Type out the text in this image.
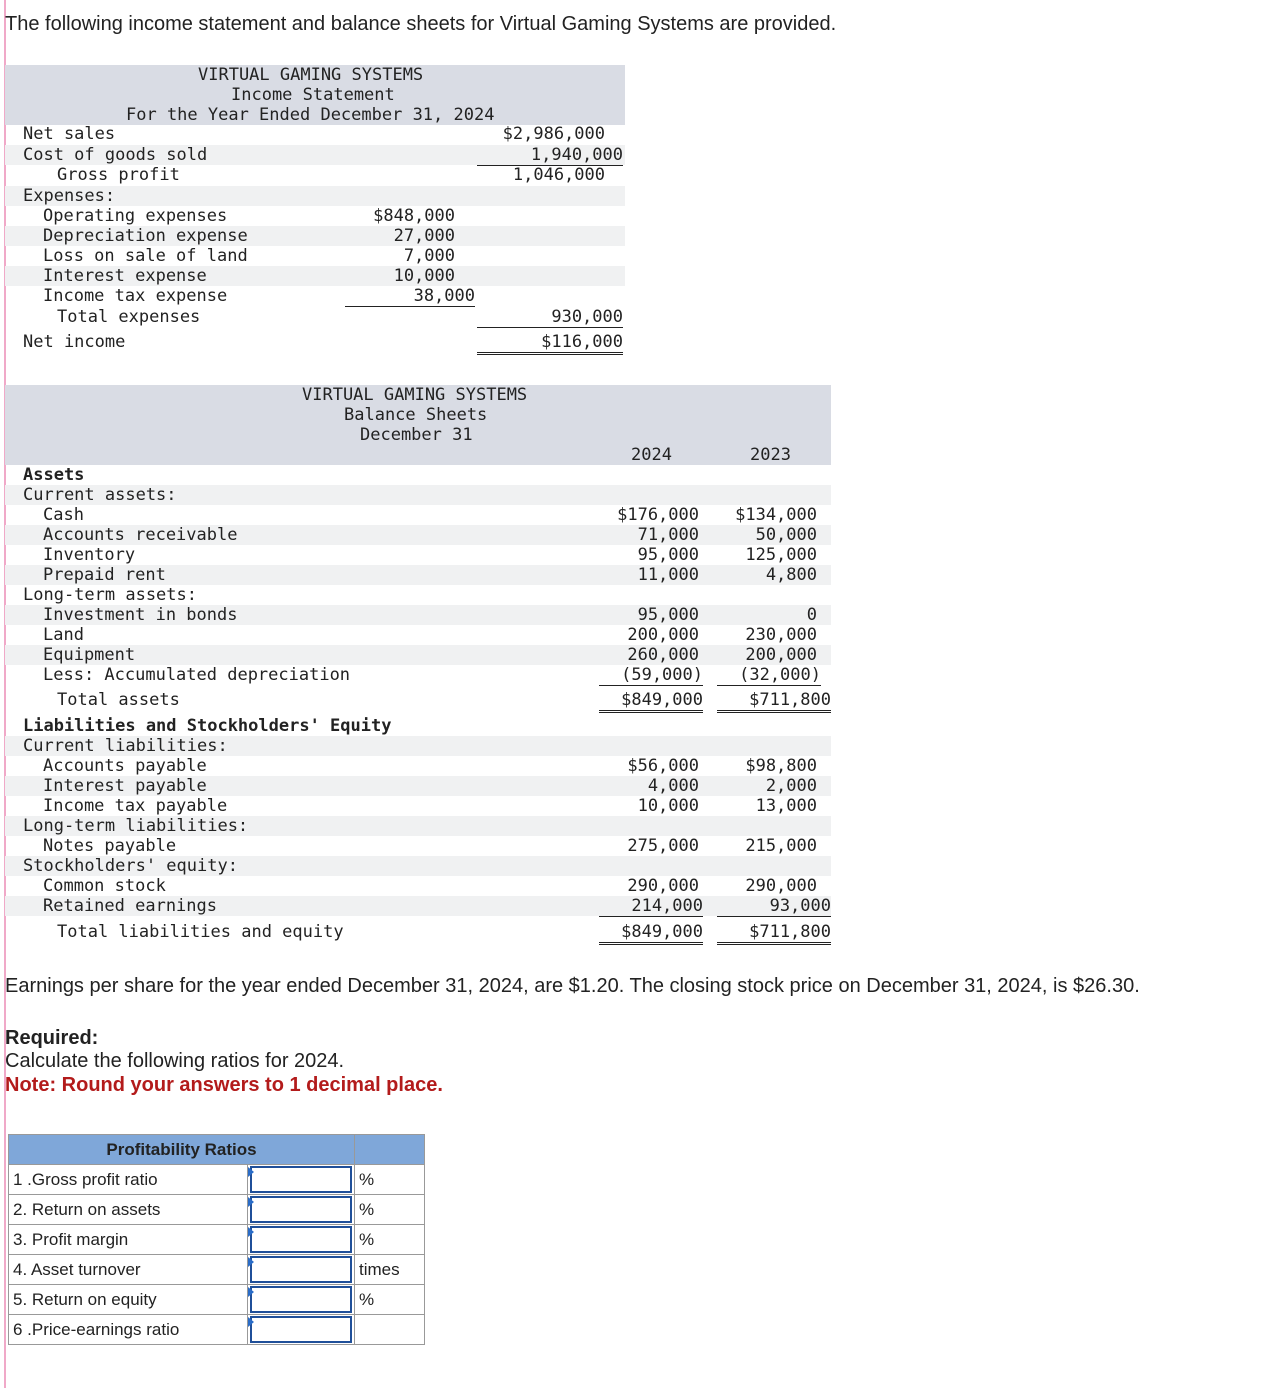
The following income statement and balance sheets for Virtual Gaming Systems are provided.
VIRTUAL GAMING SYSTEMS
Income Statement
For the Year Ended December 31, 2024
Net sales	$2,986,000
Cost of goods sold	1,940,000
Gross profit	1,046,000
Expenses:
Operating expenses	$848,000
Depreciation expense	27,000
Loss on sale of land	7,000
Interest expense	10,000
Income tax expense	38,000
Total expenses	930,000
Net income	$116,000
VIRTUAL GAMING SYSTEMS
Balance Sheets
December 31
2024	2023
Assets
Current assets:
Cash	$176,000	$134,000
Accounts receivable	71,000	50,000
Inventory	95,000	125,000
Prepaid rent	11,000	4,800
Long-term assets:
Investment in bonds	95,000	0
Land	200,000	230,000
Equipment	260,000	200,000
Less: Accumulated depreciation	(59,000)	(32,000)
Total assets	$849,000	$711,800
Liabilities and Stockholders' Equity
Current liabilities:
Accounts payable	$56,000	$98,800
Interest payable	4,000	2,000
Income tax payable	10,000	13,000
Long-term liabilities:
Notes payable	275,000	215,000
Stockholders' equity:
Common stock	290,000	290,000
Retained earnings	214,000	93,000
Total liabilities and equity	$849,000	$711,800
Earnings per share for the year ended December 31, 2024, are $1.20. The closing stock price on December 31, 2024, is $26.30.
Required:
Calculate the following ratios for 2024.
Note: Round your answers to 1 decimal place.
Profitability Ratios		
1 .Gross profit ratio		%
2. Return on assets		%
3. Profit margin		%
4. Asset turnover		times
5. Return on equity		%
6 .Price-earnings ratio	
